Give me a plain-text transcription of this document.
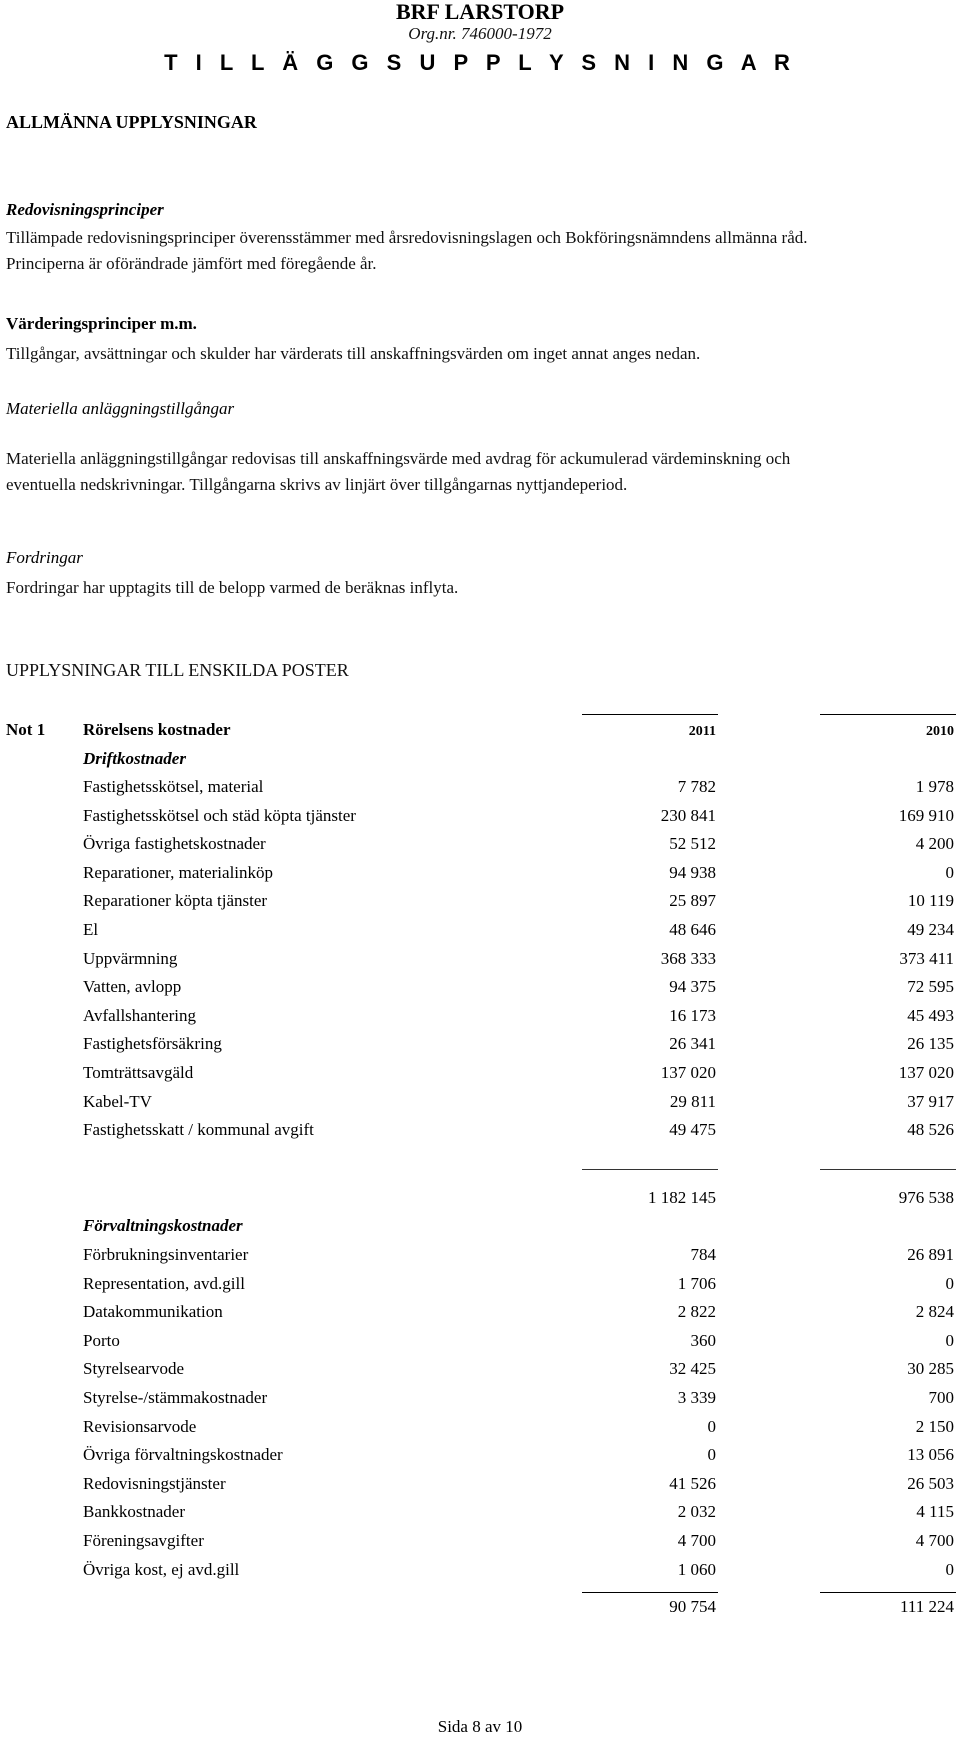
BRF LARSTORP
Org.nr. 746000-1972
T I L L Ä G G S U P P L Y S N I N G A R
ALLMÄNNA UPPLYSNINGAR
Redovisningsprinciper
Tillämpade redovisningsprinciper överensstämmer med årsredovisningslagen och Bokföringsnämndens allmänna råd.
Principerna är oförändrade jämfört med föregående år.
Värderingsprinciper m.m.
Tillgångar, avsättningar och skulder har värderats till anskaffningsvärden om inget annat anges nedan.
Materiella anläggningstillgångar
Materiella anläggningstillgångar redovisas till anskaffningsvärde med avdrag för ackumulerad värdeminskning och
eventuella nedskrivningar. Tillgångarna skrivs av linjärt över tillgångarnas nyttjandeperiod.
Fordringar
Fordringar har upptagits till de belopp varmed de beräknas inflyta.
UPPLYSNINGAR TILL ENSKILDA POSTER
Not 1 Rörelsens kostnader	2011	2010
Driftkostnader
Fastighetsskötsel, material	7 782	1 978
Fastighetsskötsel och städ köpta tjänster	230 841	169 910
Övriga fastighetskostnader	52 512	4 200
Reparationer, materialinköp	94 938	0
Reparationer köpta tjänster	25 897	10 119
El	48 646	49 234
Uppvärmning	368 333	373 411
Vatten, avlopp	94 375	72 595
Avfallshantering	16 173	45 493
Fastighetsförsäkring	26 341	26 135
Tomträttsavgäld	137 020	137 020
Kabel-TV	29 811	37 917
Fastighetsskatt / kommunal avgift	49 475	48 526
1 182 145	976 538
Förvaltningskostnader
Förbrukningsinventarier	784	26 891
Representation, avd.gill	1 706	0
Datakommunikation	2 822	2 824
Porto	360	0
Styrelsearvode	32 425	30 285
Styrelse-/stämmakostnader	3 339	700
Revisionsarvode	0	2 150
Övriga förvaltningskostnader	0	13 056
Redovisningstjänster	41 526	26 503
Bankkostnader	2 032	4 115
Föreningsavgifter	4 700	4 700
Övriga kost, ej avd.gill	1 060	0
90 754	111 224
Sida 8 av 10
